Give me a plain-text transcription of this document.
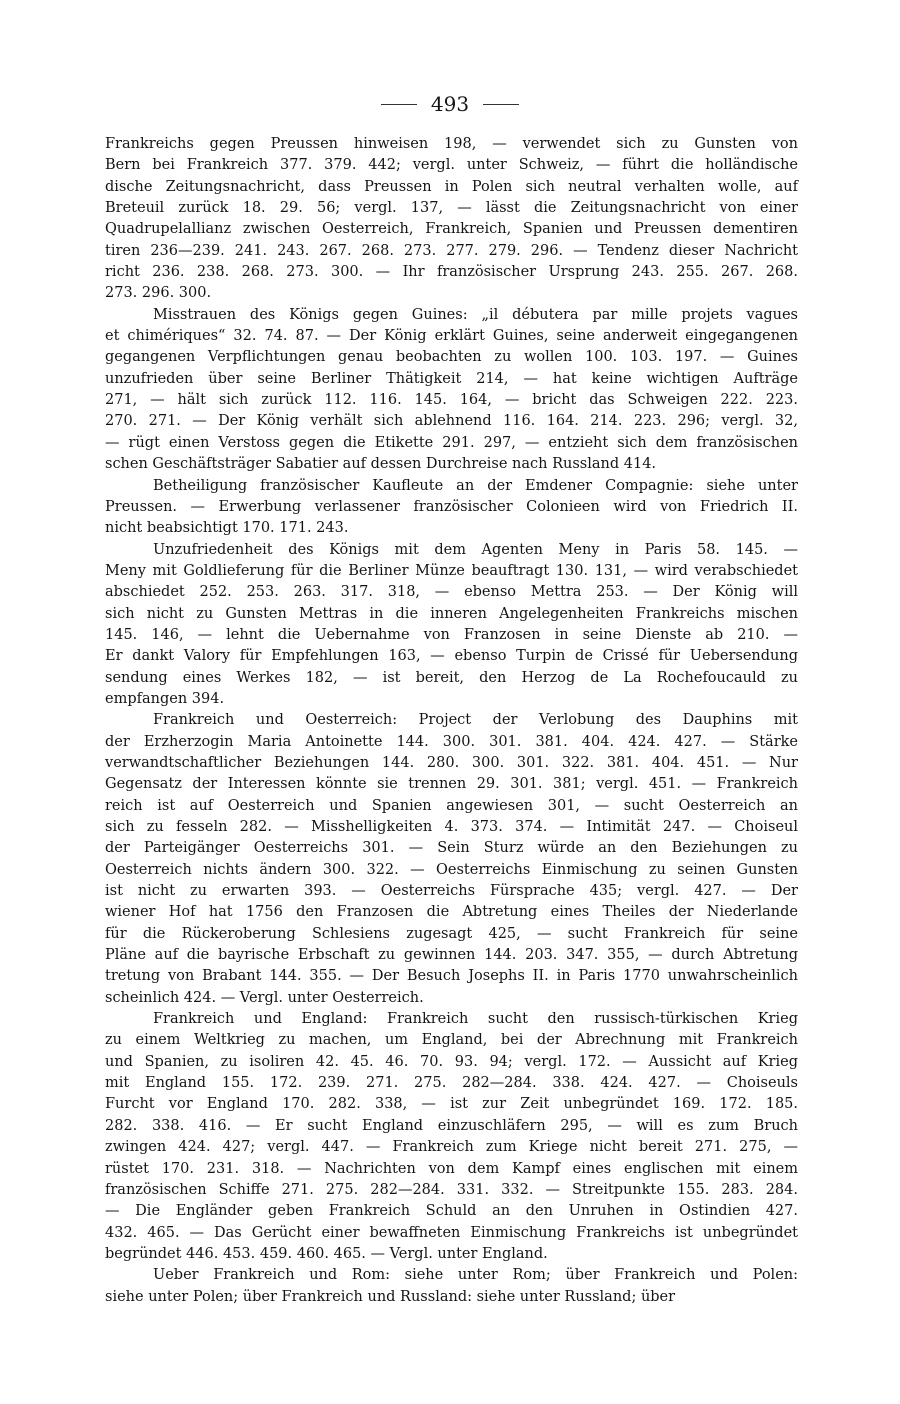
493
Frankreichs gegen Preussen hinweisen 198, — verwendet sich zu Gunsten von
Bern bei Frankreich 377. 379. 442; vergl. unter Schweiz, — führt die holländische
dische Zeitungsnachricht, dass Preussen in Polen sich neutral verhalten wolle, auf
Breteuil zurück 18. 29. 56; vergl. 137, — lässt die Zeitungsnachricht von einer
Quadrupelallianz zwischen Oesterreich, Frankreich, Spanien und Preussen dementiren
tiren 236—239. 241. 243. 267. 268. 273. 277. 279. 296. — Tendenz dieser Nachricht
richt 236. 238. 268. 273. 300. — Ihr französischer Ursprung 243. 255. 267. 268.
273. 296. 300.
Misstrauen des Königs gegen Guines: „il débutera par mille projets vagues
et chimériques“ 32. 74. 87. — Der König erklärt Guines, seine anderweit eingegangenen
gegangenen Verpflichtungen genau beobachten zu wollen 100. 103. 197. — Guines
unzufrieden über seine Berliner Thätigkeit 214, — hat keine wichtigen Aufträge
271, — hält sich zurück 112. 116. 145. 164, — bricht das Schweigen 222. 223.
270. 271. — Der König verhält sich ablehnend 116. 164. 214. 223. 296; vergl. 32,
— rügt einen Verstoss gegen die Etikette 291. 297, — entzieht sich dem französischen
schen Geschäftsträger Sabatier auf dessen Durchreise nach Russland 414.
Betheiligung französischer Kaufleute an der Emdener Compagnie: siehe unter
Preussen. — Erwerbung verlassener französischer Colonieen wird von Friedrich II.
nicht beabsichtigt 170. 171. 243.
Unzufriedenheit des Königs mit dem Agenten Meny in Paris 58. 145. —
Meny mit Goldlieferung für die Berliner Münze beauftragt 130. 131, — wird verabschiedet
abschiedet 252. 253. 263. 317. 318, — ebenso Mettra 253. — Der König will
sich nicht zu Gunsten Mettras in die inneren Angelegenheiten Frankreichs mischen
145. 146, — lehnt die Uebernahme von Franzosen in seine Dienste ab 210. —
Er dankt Valory für Empfehlungen 163, — ebenso Turpin de Crissé für Uebersendung
sendung eines Werkes 182, — ist bereit, den Herzog de La Rochefoucauld zu
empfangen 394.
Frankreich und Oesterreich: Project der Verlobung des Dauphins mit
der Erzherzogin Maria Antoinette 144. 300. 301. 381. 404. 424. 427. — Stärke
verwandtschaftlicher Beziehungen 144. 280. 300. 301. 322. 381. 404. 451. — Nur
Gegensatz der Interessen könnte sie trennen 29. 301. 381; vergl. 451. — Frankreich
reich ist auf Oesterreich und Spanien angewiesen 301, — sucht Oesterreich an
sich zu fesseln 282. — Misshelligkeiten 4. 373. 374. — Intimität 247. — Choiseul
der Parteigänger Oesterreichs 301. — Sein Sturz würde an den Beziehungen zu
Oesterreich nichts ändern 300. 322. — Oesterreichs Einmischung zu seinen Gunsten
ist nicht zu erwarten 393. — Oesterreichs Fürsprache 435; vergl. 427. — Der
wiener Hof hat 1756 den Franzosen die Abtretung eines Theiles der Niederlande
für die Rückeroberung Schlesiens zugesagt 425, — sucht Frankreich für seine
Pläne auf die bayrische Erbschaft zu gewinnen 144. 203. 347. 355, — durch Abtretung
tretung von Brabant 144. 355. — Der Besuch Josephs II. in Paris 1770 unwahrscheinlich
scheinlich 424. — Vergl. unter Oesterreich.
Frankreich und England: Frankreich sucht den russisch-türkischen Krieg
zu einem Weltkrieg zu machen, um England, bei der Abrechnung mit Frankreich
und Spanien, zu isoliren 42. 45. 46. 70. 93. 94; vergl. 172. — Aussicht auf Krieg
mit England 155. 172. 239. 271. 275. 282—284. 338. 424. 427. — Choiseuls
Furcht vor England 170. 282. 338, — ist zur Zeit unbegründet 169. 172. 185.
282. 338. 416. — Er sucht England einzuschläfern 295, — will es zum Bruch
zwingen 424. 427; vergl. 447. — Frankreich zum Kriege nicht bereit 271. 275, —
rüstet 170. 231. 318. — Nachrichten von dem Kampf eines englischen mit einem
französischen Schiffe 271. 275. 282—284. 331. 332. — Streitpunkte 155. 283. 284.
— Die Engländer geben Frankreich Schuld an den Unruhen in Ostindien 427.
432. 465. — Das Gerücht einer bewaffneten Einmischung Frankreichs ist unbegründet
begründet 446. 453. 459. 460. 465. — Vergl. unter England.
Ueber Frankreich und Rom: siehe unter Rom; über Frankreich und Polen:
siehe unter Polen; über Frankreich und Russland: siehe unter Russland; über
